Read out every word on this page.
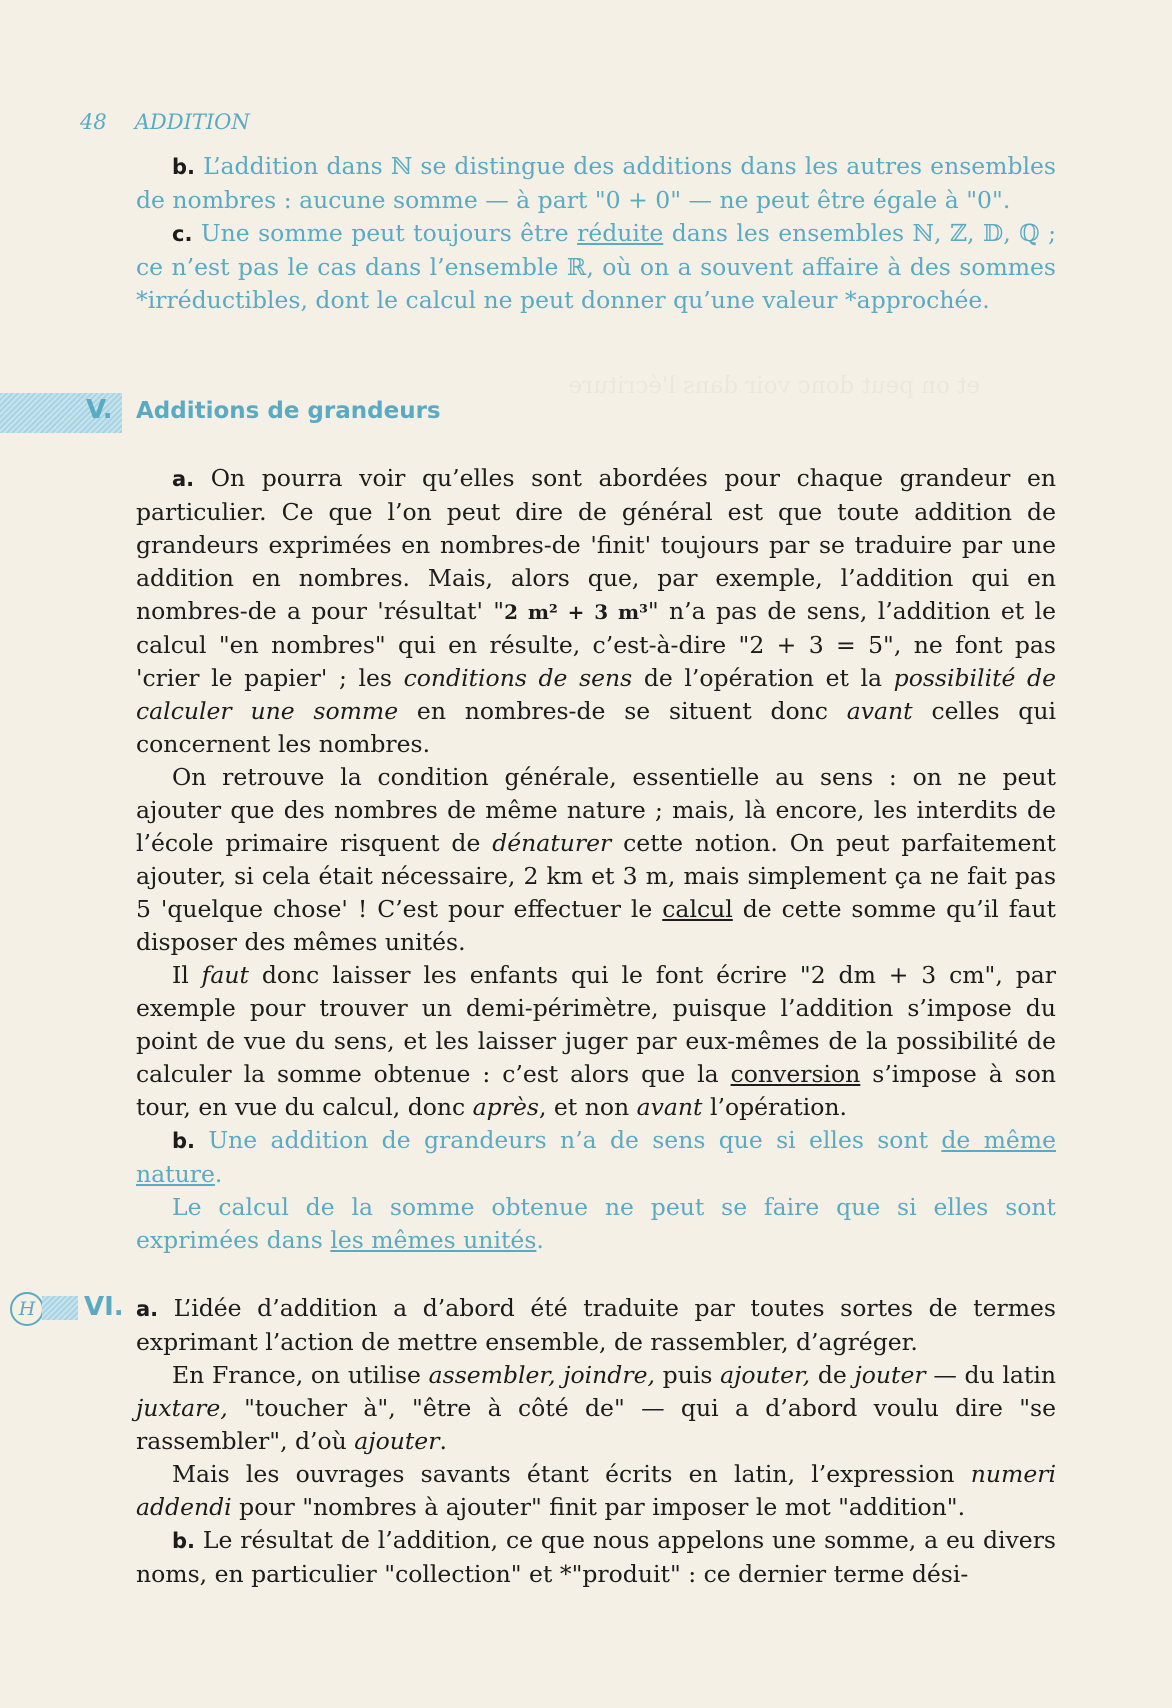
48 ADDITION

b. L’addition dans ℕ se distingue des additions dans les autres ensembles de nombres : aucune somme — à part "0 + 0" — ne peut être égale à "0".

c. Une somme peut toujours être réduite dans les ensembles ℕ, ℤ, 𝔻, ℚ ; ce n’est pas le cas dans l’ensemble ℝ, où on a souvent affaire à des sommes *irréductibles, dont le calcul ne peut donner qu’une valeur *approchée.

V. Additions de grandeurs

a. On pourra voir qu’elles sont abordées pour chaque grandeur en particulier. Ce que l’on peut dire de général est que toute addition de grandeurs exprimées en nombres-de 'finit' toujours par se traduire par une addition en nombres. Mais, alors que, par exemple, l’addition qui en nombres-de a pour 'résultat' "2 m² + 3 m³" n’a pas de sens, l’addition et le calcul "en nombres" qui en résulte, c’est-à-dire "2 + 3 = 5", ne font pas 'crier le papier' ; les conditions de sens de l’opération et la possibilité de calculer une somme en nombres-de se situent donc avant celles qui concernent les nombres.

On retrouve la condition générale, essentielle au sens : on ne peut ajouter que des nombres de même nature ; mais, là encore, les interdits de l’école primaire risquent de dénaturer cette notion. On peut parfaitement ajouter, si cela était nécessaire, 2 km et 3 m, mais simplement ça ne fait pas 5 'quelque chose' ! C’est pour effectuer le calcul de cette somme qu’il faut disposer des mêmes unités.

Il faut donc laisser les enfants qui le font écrire "2 dm + 3 cm", par exemple pour trouver un demi-périmètre, puisque l’addition s’impose du point de vue du sens, et les laisser juger par eux-mêmes de la possibilité de calculer la somme obtenue : c’est alors que la conversion s’impose à son tour, en vue du calcul, donc après, et non avant l’opération.

b. Une addition de grandeurs n’a de sens que si elles sont de même nature.

Le calcul de la somme obtenue ne peut se faire que si elles sont exprimées dans les mêmes unités.

H	VI. a. L’idée d’addition a d’abord été traduite par toutes sortes de termes exprimant l’action de mettre ensemble, de rassembler, d’agréger.

En France, on utilise assembler, joindre, puis ajouter, de jouter — du latin juxtare, "toucher à", "être à côté de" — qui a d’abord voulu dire "se rassembler", d’où ajouter.

Mais les ouvrages savants étant écrits en latin, l’expression numeri addendi pour "nombres à ajouter" finit par imposer le mot "addition".

b. Le résultat de l’addition, ce que nous appelons une somme, a eu divers noms, en particulier "collection" et *"produit" : ce dernier terme dési-
